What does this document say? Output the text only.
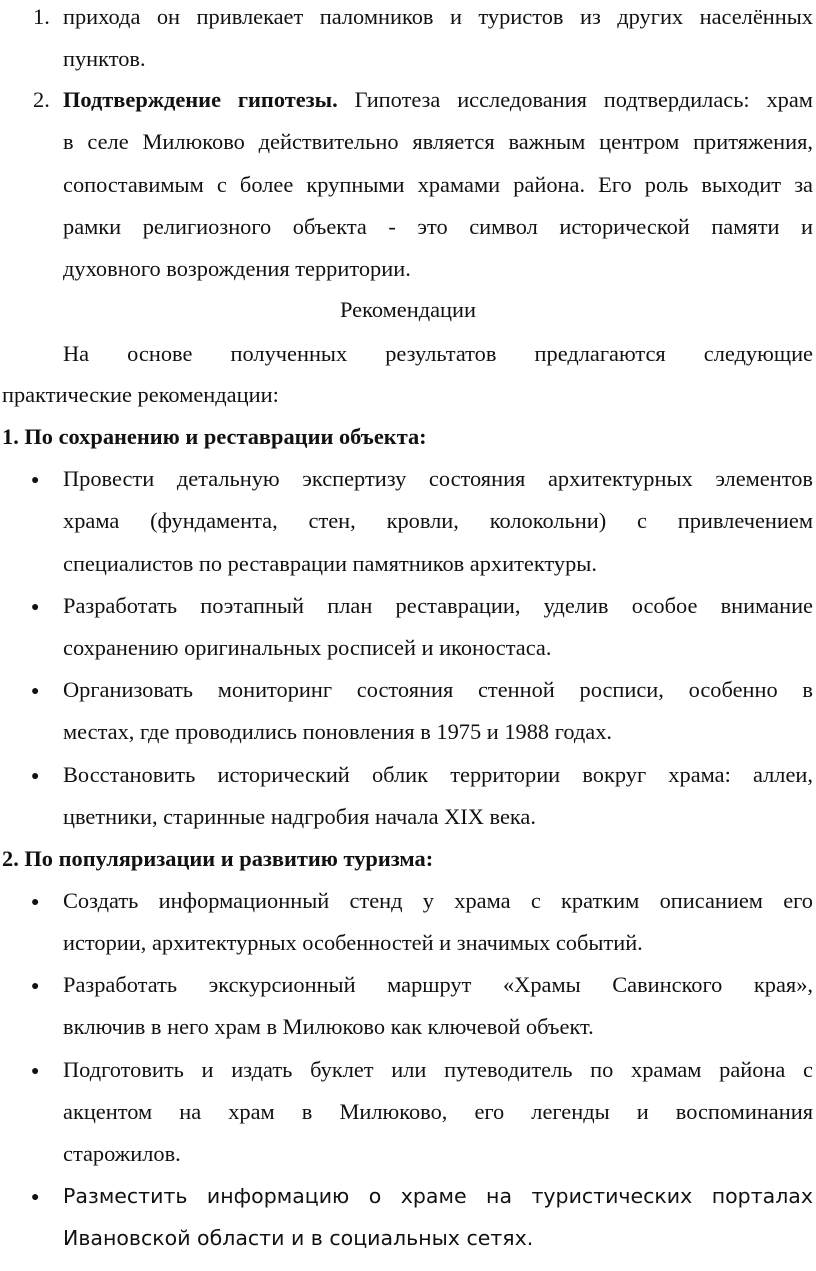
1. прихода он привлекает паломников и туристов из других населённых
пунктов.
2. Подтверждение гипотезы. Гипотеза исследования подтвердилась: храм
в селе Милюково действительно является важным центром притяжения,
сопоставимым с более крупными храмами района. Его роль выходит за
рамки религиозного объекта - это символ исторической памяти и
духовного возрождения территории.
Рекомендации
На основе полученных результатов предлагаются следующие
практические рекомендации:
1. По сохранению и реставрации объекта:
● Провести детальную экспертизу состояния архитектурных элементов
храма (фундамента, стен, кровли, колокольни) с привлечением
специалистов по реставрации памятников архитектуры.
● Разработать поэтапный план реставрации, уделив особое внимание
сохранению оригинальных росписей и иконостаса.
● Организовать мониторинг состояния стенной росписи, особенно в
местах, где проводились поновления в 1975 и 1988 годах.
● Восстановить исторический облик территории вокруг храма: аллеи,
цветники, старинные надгробия начала XIX века.
2. По популяризации и развитию туризма:
● Создать информационный стенд у храма с кратким описанием его
истории, архитектурных особенностей и значимых событий.
● Разработать экскурсионный маршрут «Храмы Савинского края»,
включив в него храм в Милюково как ключевой объект.
● Подготовить и издать буклет или путеводитель по храмам района с
акцентом на храм в Милюково, его легенды и воспоминания
старожилов.
● Разместить информацию о храме на туристических порталах
Ивановской области и в социальных сетях.
